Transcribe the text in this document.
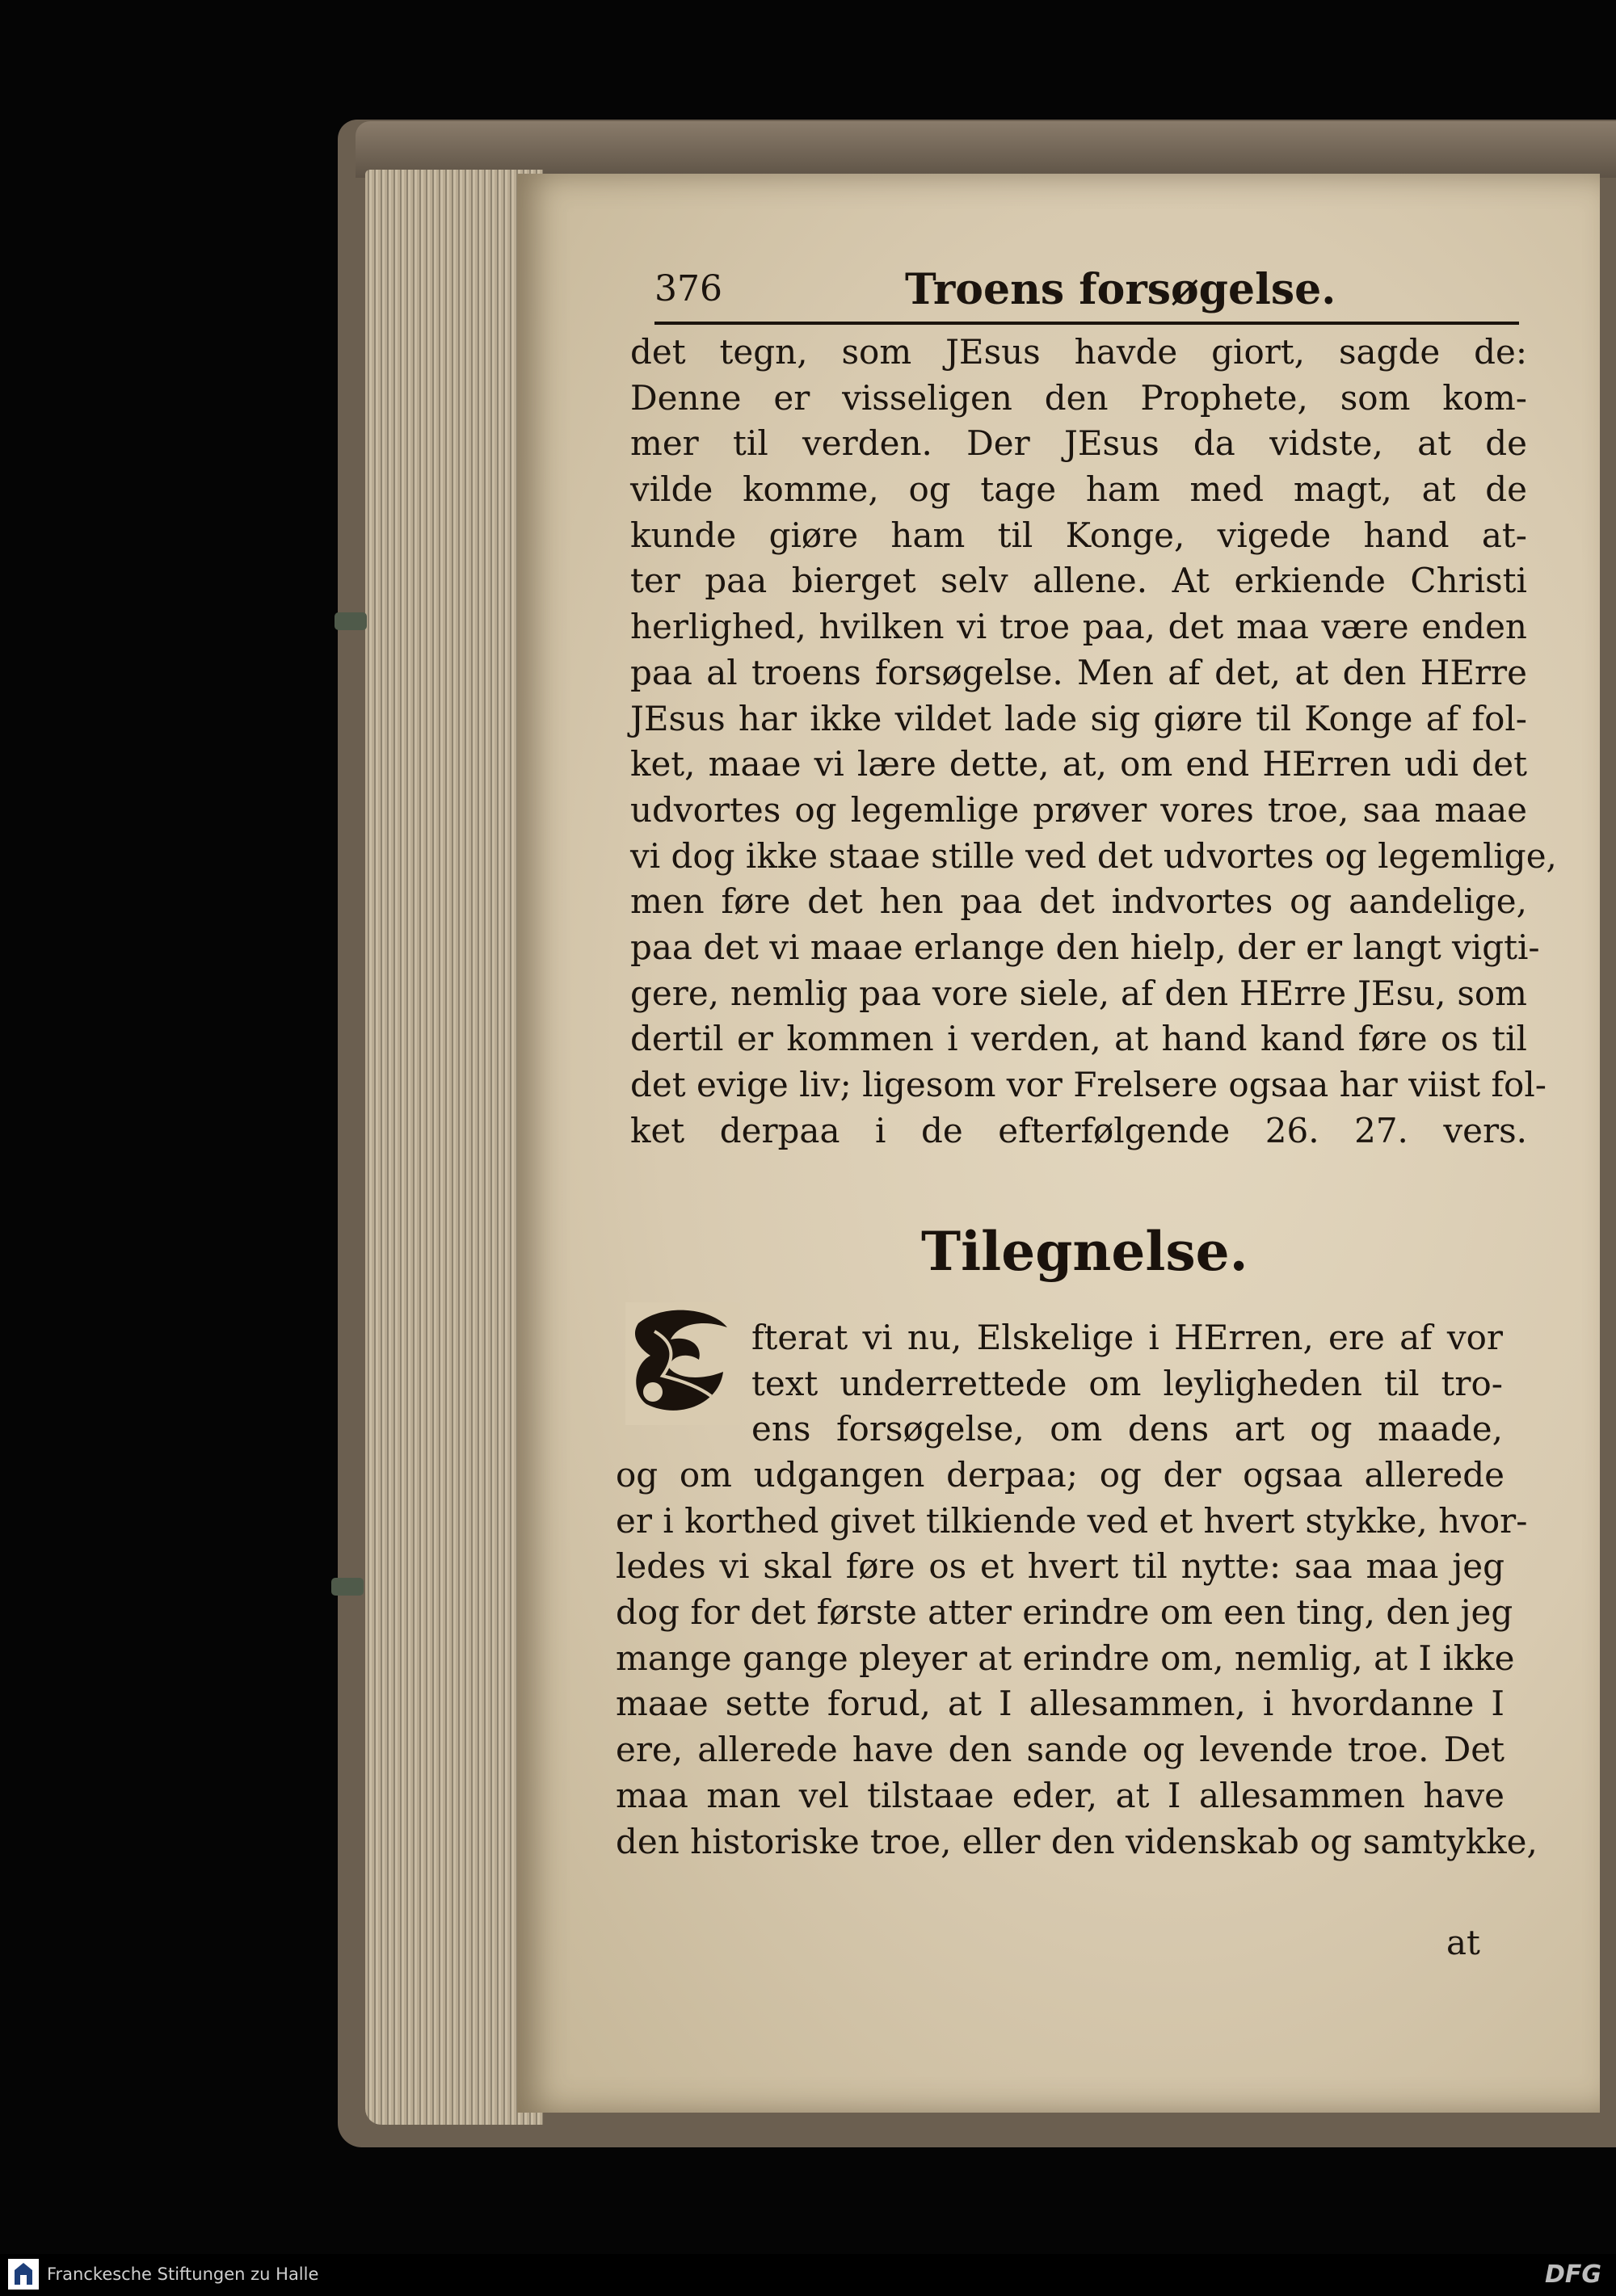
376	Troens forsøgelse.
det tegn, som JEsus havde giort, sagde de:
Denne er visseligen den Prophete, som kom-
mer til verden. Der JEsus da vidste, at de
vilde komme, og tage ham med magt, at de
kunde giøre ham til Konge, vigede hand at-
ter paa bierget selv allene. At erkiende Christi
herlighed, hvilken vi troe paa, det maa være enden
paa al troens forsøgelse. Men af det, at den HErre
JEsus har ikke vildet lade sig giøre til Konge af fol-
ket, maae vi lære dette, at, om end HErren udi det
udvortes og legemlige prøver vores troe, saa maae
vi dog ikke staae stille ved det udvortes og legemlige,
men føre det hen paa det indvortes og aandelige,
paa det vi maae erlange den hielp, der er langt vigti-
gere, nemlig paa vore siele, af den HErre JEsu, som
dertil er kommen i verden, at hand kand føre os til
det evige liv; ligesom vor Frelsere ogsaa har viist fol-
ket derpaa i de efterfølgende 26. 27. vers.
Tilegnelse.
fterat vi nu, Elskelige i HErren, ere af vor
text underrettede om leyligheden til tro-
ens forsøgelse, om dens art og maade,
og om udgangen derpaa; og der ogsaa allerede
er i korthed givet tilkiende ved et hvert stykke, hvor-
ledes vi skal føre os et hvert til nytte: saa maa jeg
dog for det første atter erindre om een ting, den jeg
mange gange pleyer at erindre om, nemlig, at I ikke
maae sette forud, at I allesammen, i hvordanne I
ere, allerede have den sande og levende troe. Det
maa man vel tilstaae eder, at I allesammen have
den historiske troe, eller den videnskab og samtykke,
at
Franckesche Stiftungen zu Halle	DFG
